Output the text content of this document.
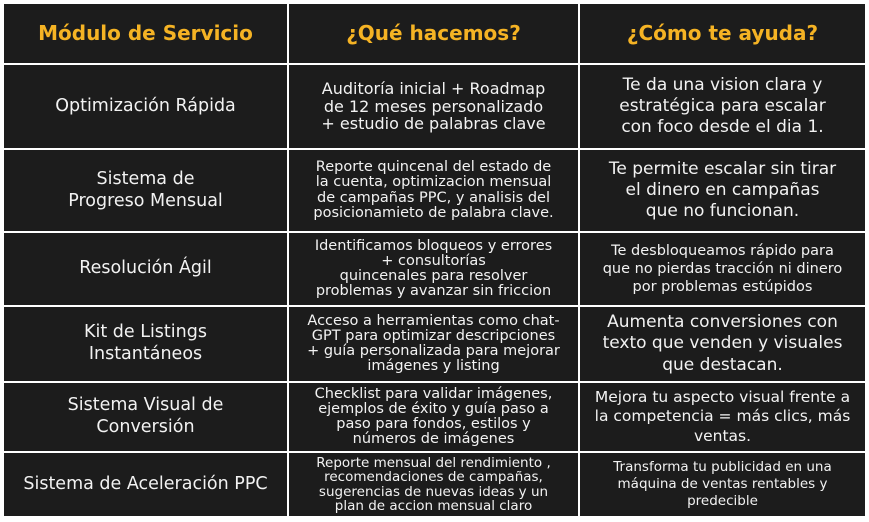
Módulo de Servicio	¿Qué hacemos?	¿Cómo te ayuda?
Optimización Rápida
Auditoría inicial + Roadmap
de 12 meses personalizado
+ estudio de palabras clave
Te da una vision clara y
estratégica para escalar
con foco desde el dia 1.
Sistema de
Progreso Mensual
Reporte quincenal del estado de
la cuenta, optimizacion mensual
de campañas PPC, y analisis del
posicionamieto de palabra clave.
Te permite escalar sin tirar
el dinero en campañas
que no funcionan.
Resolución Ágil
Identificamos bloqueos y errores
+ consultorías
quincenales para resolver
problemas y avanzar sin friccion
Te desbloqueamos rápido para
que no pierdas tracción ni dinero
por problemas estúpidos
Kit de Listings
Instantáneos
Acceso a herramientas como chat-
GPT para optimizar descripciones
+ guía personalizada para mejorar
imágenes y listing
Aumenta conversiones con
texto que venden y visuales
que destacan.
Sistema Visual de
Conversión
Checklist para validar imágenes,
ejemplos de éxito y guía paso a
paso para fondos, estilos y
números de imágenes
Mejora tu aspecto visual frente a
la competencia = más clics, más
ventas.
Sistema de Aceleración PPC
Reporte mensual del rendimiento ,
recomendaciones de campañas,
sugerencias de nuevas ideas y un
plan de accion mensual claro
Transforma tu publicidad en una
máquina de ventas rentables y
predecible
